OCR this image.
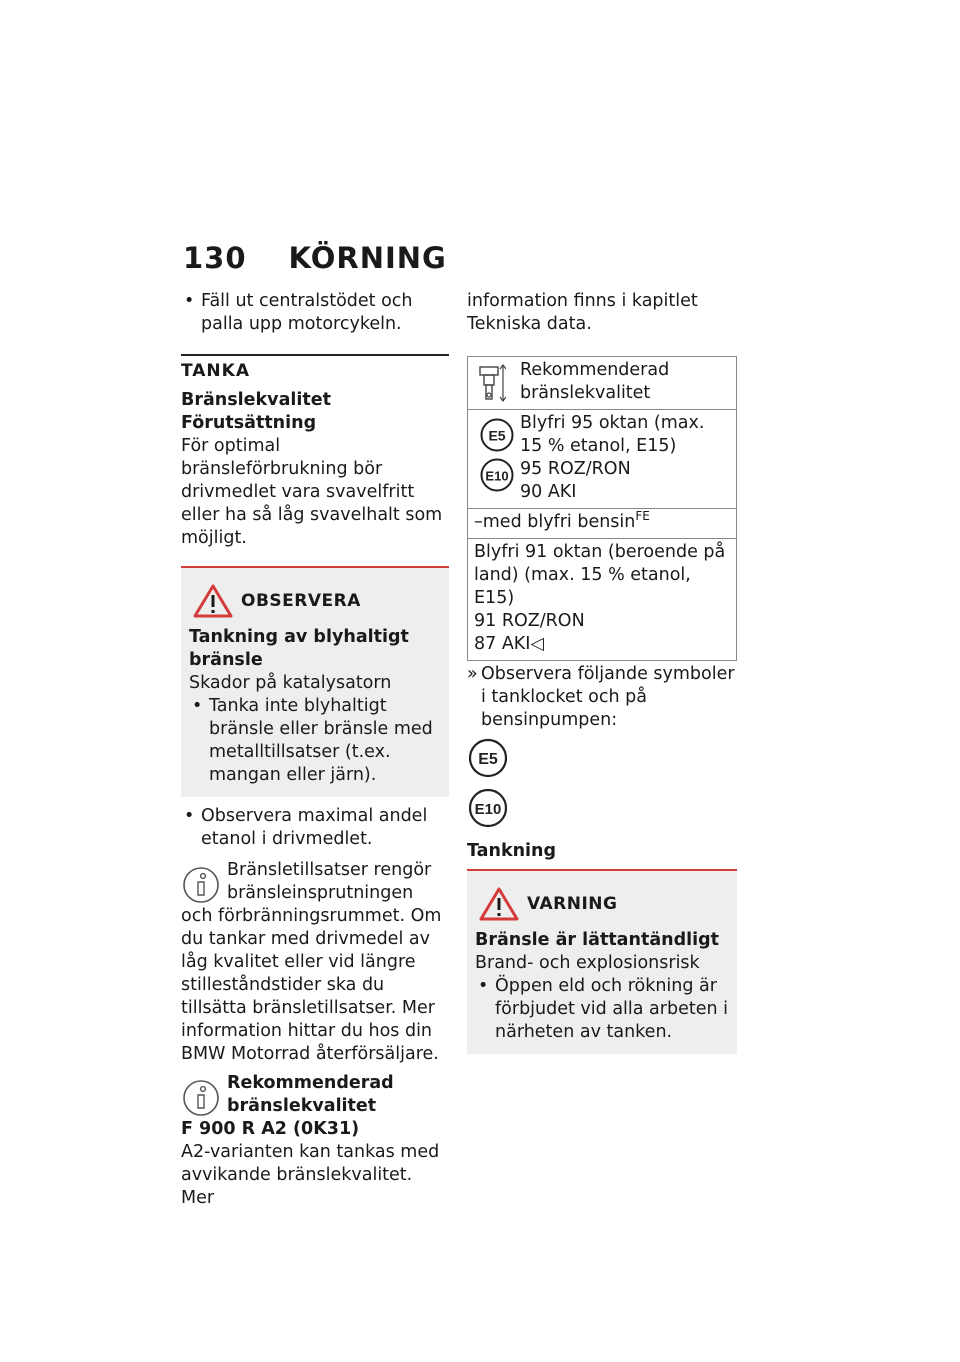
130 KÖRNING

• Fäll ut centralstödet och palla upp motorcykeln.

TANKA

Bränslekvalitet

Förutsättning

För optimal bränsleförbrukning bör drivmedlet vara svavelfritt eller ha så låg svavelhalt som möjligt.

OBSERVERA

Tankning av blyhaltigt bränsle

Skador på katalysatorn

• Tanka inte blyhaltigt bränsle eller bränsle med metalltillsatser (t.ex. mangan eller järn).

• Observera maximal andel etanol i drivmedlet.

Bränsletillsatser rengör bränsleinsprutningen

och förbränningsrummet. Om du tankar med drivmedel av låg kvalitet eller vid längre stilleståndstider ska du tillsätta bränsletillsatser. Mer information hittar du hos din BMW Motorrad återförsäljare.

Rekommenderad bränslekvalitet

F 900 R A2 (0K31)

A2-varianten kan tankas med avvikande bränslekvalitet. Mer

information finns i kapitlet Tekniska data.

Rekommenderad bränslekvalitet

E5
E10

Blyfri 95 oktan (max. 15 % etanol, E15)

95 ROZ/RON

90 AKI

–med blyfri bensin$^{FE}$

Blyfri 91 oktan (beroende på land) (max. 15 % etanol, E15)

91 ROZ/RON

87 AKI◁

» Observera följande symboler i tanklocket och på bensinpumpen:

E5
E10

Tankning

VARNING

Bränsle är lättantändligt

Brand- och explosionsrisk

• Öppen eld och rökning är förbjudet vid alla arbeten i närheten av tanken.
